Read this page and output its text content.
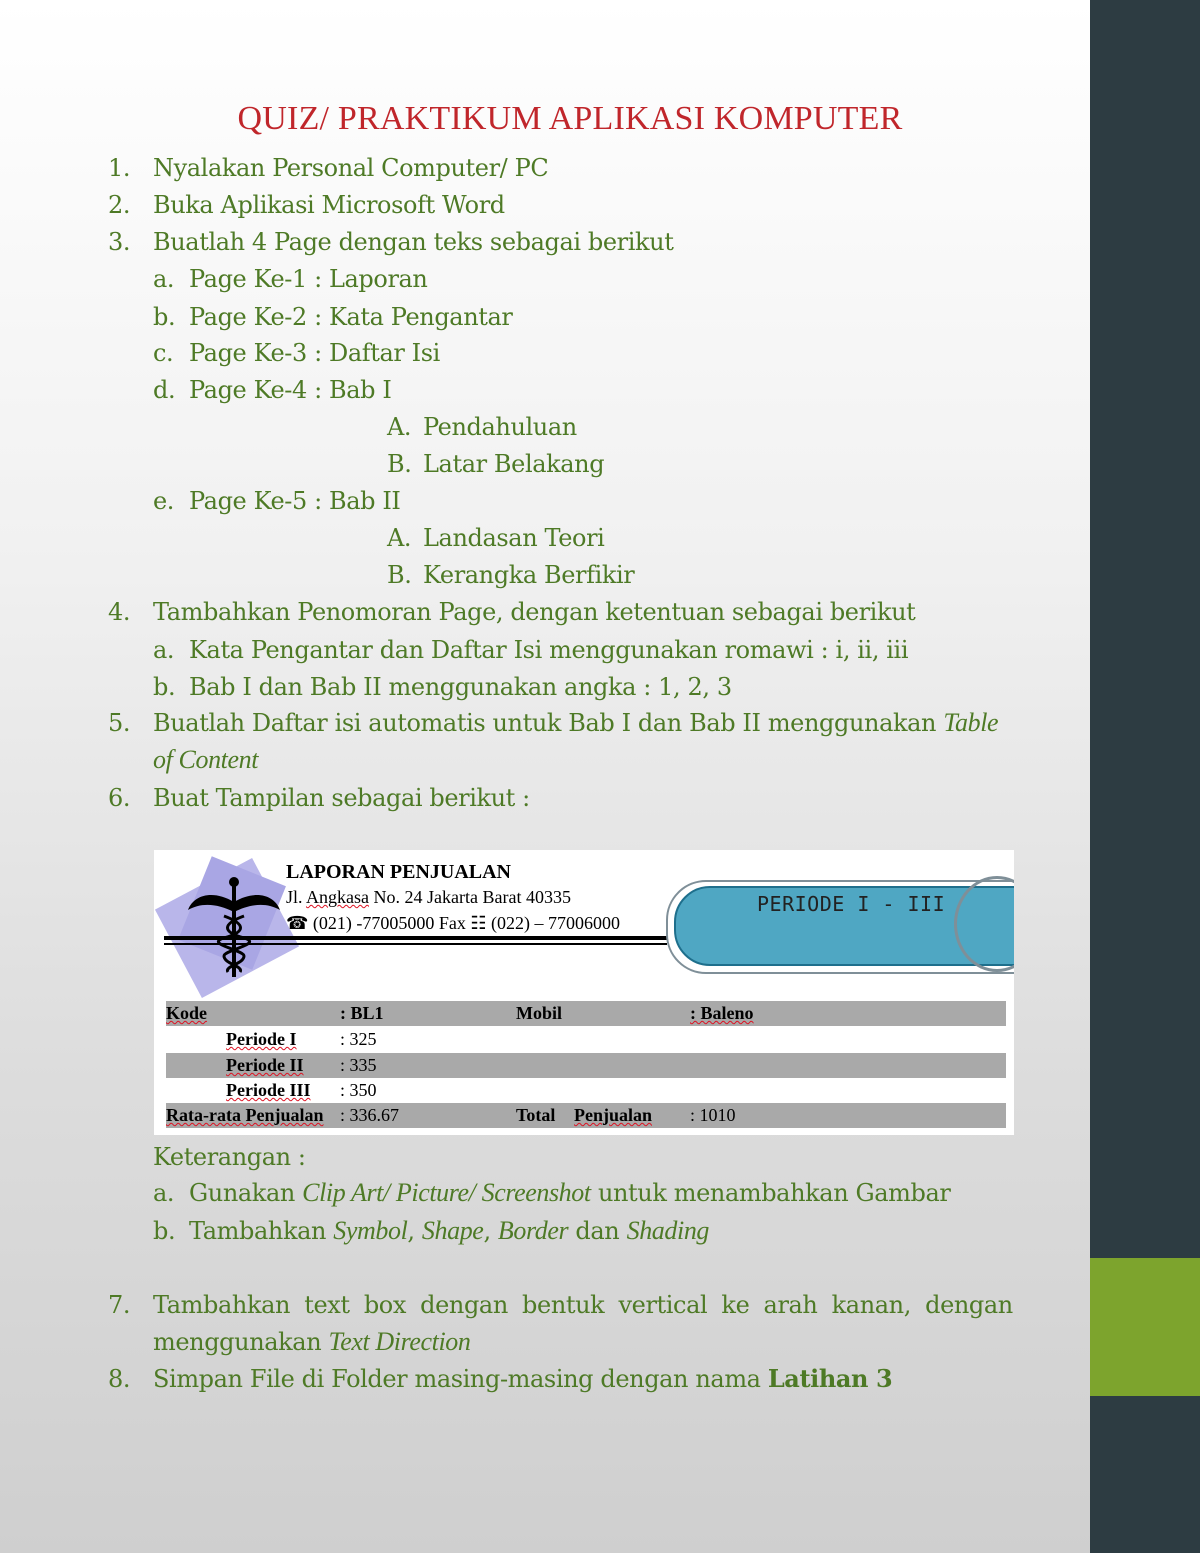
QUIZ/ PRAKTIKUM APLIKASI KOMPUTER
1. Nyalakan Personal Computer/ PC
2. Buka Aplikasi Microsoft Word
3. Buatlah 4 Page dengan teks sebagai berikut
a. Page Ke-1 : Laporan
b. Page Ke-2 : Kata Pengantar
c. Page Ke-3 : Daftar Isi
d. Page Ke-4 : Bab I
A. Pendahuluan
B. Latar Belakang
e. Page Ke-5 : Bab II
A. Landasan Teori
B. Kerangka Berfikir
4. Tambahkan Penomoran Page, dengan ketentuan sebagai berikut
a. Kata Pengantar dan Daftar Isi menggunakan romawi : i, ii, iii
b. Bab I dan Bab II menggunakan angka : 1, 2, 3
5. Buatlah Daftar isi automatis untuk Bab I dan Bab II menggunakan Table
of Content
6. Buat Tampilan sebagai berikut :
LAPORAN PENJUALAN
Jl. Angkasa No. 24 Jakarta Barat 40335
☎ (021) -77005000 Fax ☷ (022) – 77006000
PERIODE I - III
Kode	: BL1	Mobil	: Baleno
Periode I : 325
Periode II : 335
Periode III : 350
Rata-rata Penjualan : 336.67	Total Penjualan : 1010
Keterangan :
a. Gunakan Clip Art/ Picture/ Screenshot untuk menambahkan Gambar
b. Tambahkan Symbol, Shape, Border dan Shading
7. Tambahkan text box dengan bentuk vertical ke arah kanan, dengan
menggunakan Text Direction
8. Simpan File di Folder masing-masing dengan nama Latihan 3
